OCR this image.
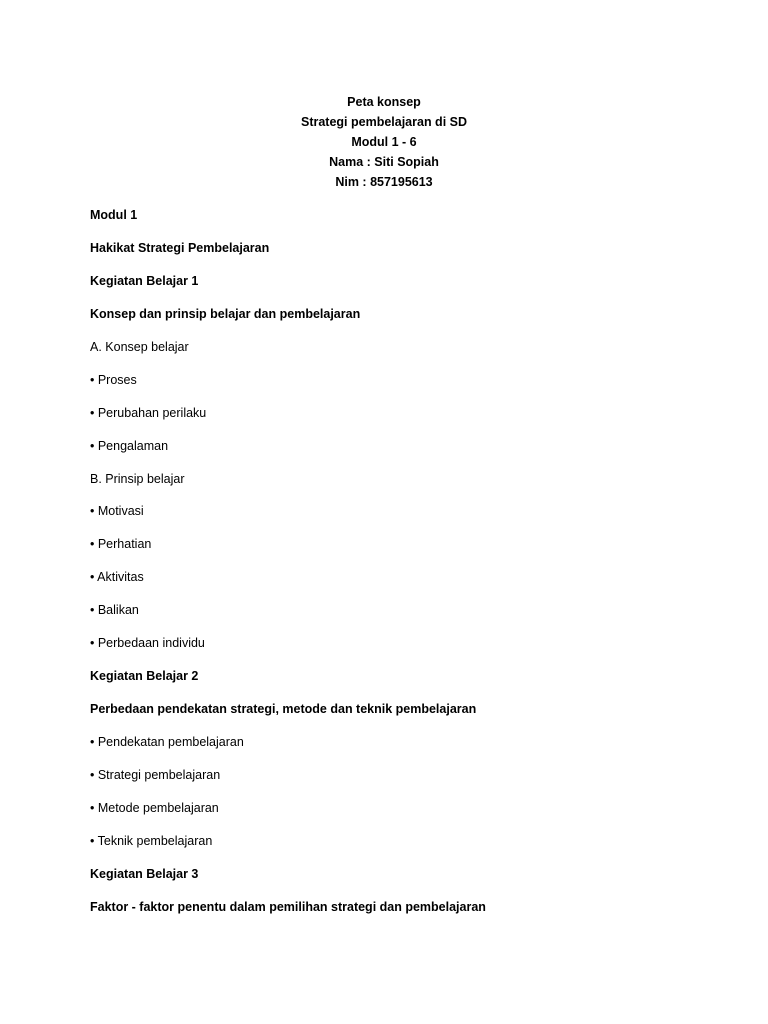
Peta konsep
Strategi pembelajaran di SD
Modul 1 - 6
Nama : Siti Sopiah
Nim : 857195613
Modul 1
Hakikat Strategi Pembelajaran
Kegiatan Belajar 1
Konsep dan prinsip belajar dan pembelajaran
A. Konsep belajar
• Proses
• Perubahan perilaku
• Pengalaman
B. Prinsip belajar
• Motivasi
• Perhatian
• Aktivitas
• Balikan
• Perbedaan individu
Kegiatan Belajar 2
Perbedaan pendekatan strategi, metode dan teknik pembelajaran
• Pendekatan pembelajaran
• Strategi pembelajaran
• Metode pembelajaran
• Teknik pembelajaran
Kegiatan Belajar 3
Faktor - faktor penentu dalam pemilihan strategi dan pembelajaran
